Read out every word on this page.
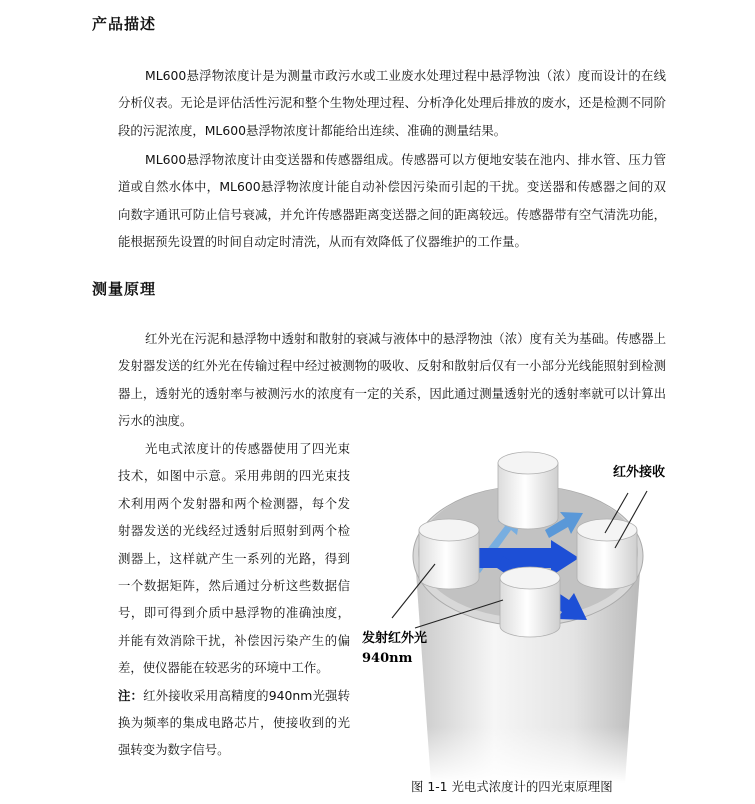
产品描述

ML600悬浮物浓度计是为测量市政污水或工业废水处理过程中悬浮物浊（浓）度而设计的在线分析仪表。无论是评估活性污泥和整个生物处理过程、分析净化处理后排放的废水，还是检测不同阶段的污泥浓度，ML600悬浮物浓度计都能给出连续、准确的测量结果。

ML600悬浮物浓度计由变送器和传感器组成。传感器可以方便地安装在池内、排水管、压力管道或自然水体中，ML600悬浮物浓度计能自动补偿因污染而引起的干扰。变送器和传感器之间的双向数字通讯可防止信号衰减，并允许传感器距离变送器之间的距离较远。传感器带有空气清洗功能，能根据预先设置的时间自动定时清洗，从而有效降低了仪器维护的工作量。

测量原理

红外光在污泥和悬浮物中透射和散射的衰减与液体中的悬浮物浊（浓）度有关为基础。传感器上发射器发送的红外光在传输过程中经过被测物的吸收、反射和散射后仅有一小部分光线能照射到检测器上，透射光的透射率与被测污水的浓度有一定的关系，因此通过测量透射光的透射率就可以计算出污水的浊度。

光电式浓度计的传感器使用了四光束技术，如图中示意。采用弗朗的四光束技术利用两个发射器和两个检测器，每个发射器发送的光线经过透射后照射到两个检测器上，这样就产生一系列的光路，得到一个数据矩阵，然后通过分析这些数据信号，即可得到介质中悬浮物的准确浊度，并能有效消除干扰，补偿因污染产生的偏差，使仪器能在较恶劣的环境中工作。

注：红外接收采用高精度的940nm光强转换为频率的集成电路芯片，使接收到的光强转变为数字信号。

红外接收
发射红外光
940nm

图 1-1 光电式浓度计的四光束原理图
